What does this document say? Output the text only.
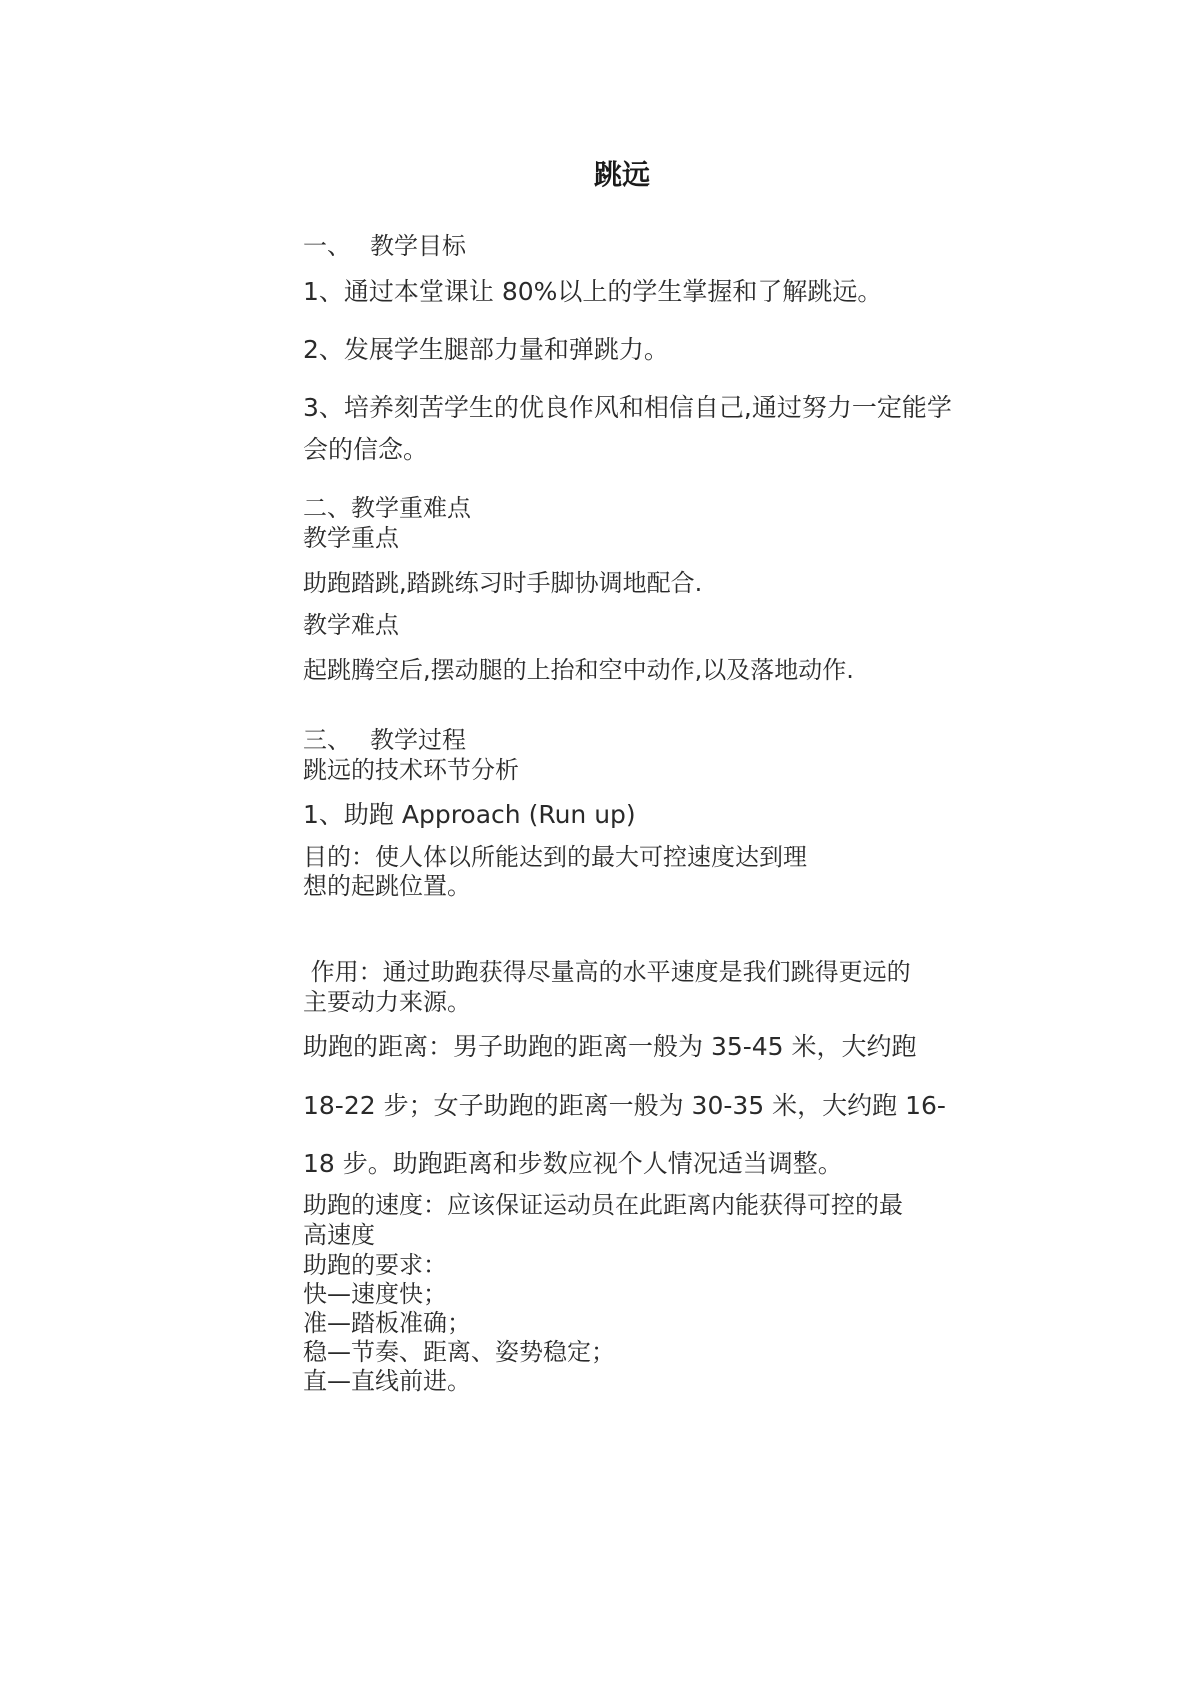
跳远
一、 教学目标
1、通过本堂课让 80%以上的学生掌握和了解跳远。
2、发展学生腿部力量和弹跳力。
3、培养刻苦学生的优良作风和相信自己,通过努力一定能学
会的信念。
二、教学重难点
教学重点
助跑踏跳,踏跳练习时手脚协调地配合.
教学难点
起跳腾空后,摆动腿的上抬和空中动作,以及落地动作.
三、 教学过程
跳远的技术环节分析
1、助跑 Approach (Run up)
目的：使人体以所能达到的最大可控速度达到理
想的起跳位置。
作用：通过助跑获得尽量高的水平速度是我们跳得更远的
主要动力来源。
助跑的距离：男子助跑的距离一般为 35-45 米，大约跑
18-22 步；女子助跑的距离一般为 30-35 米，大约跑 16-
18 步。助跑距离和步数应视个人情况适当调整。
助跑的速度：应该保证运动员在此距离内能获得可控的最
高速度
助跑的要求：
快—速度快；
准—踏板准确；
稳—节奏、距离、姿势稳定；
直—直线前进。
